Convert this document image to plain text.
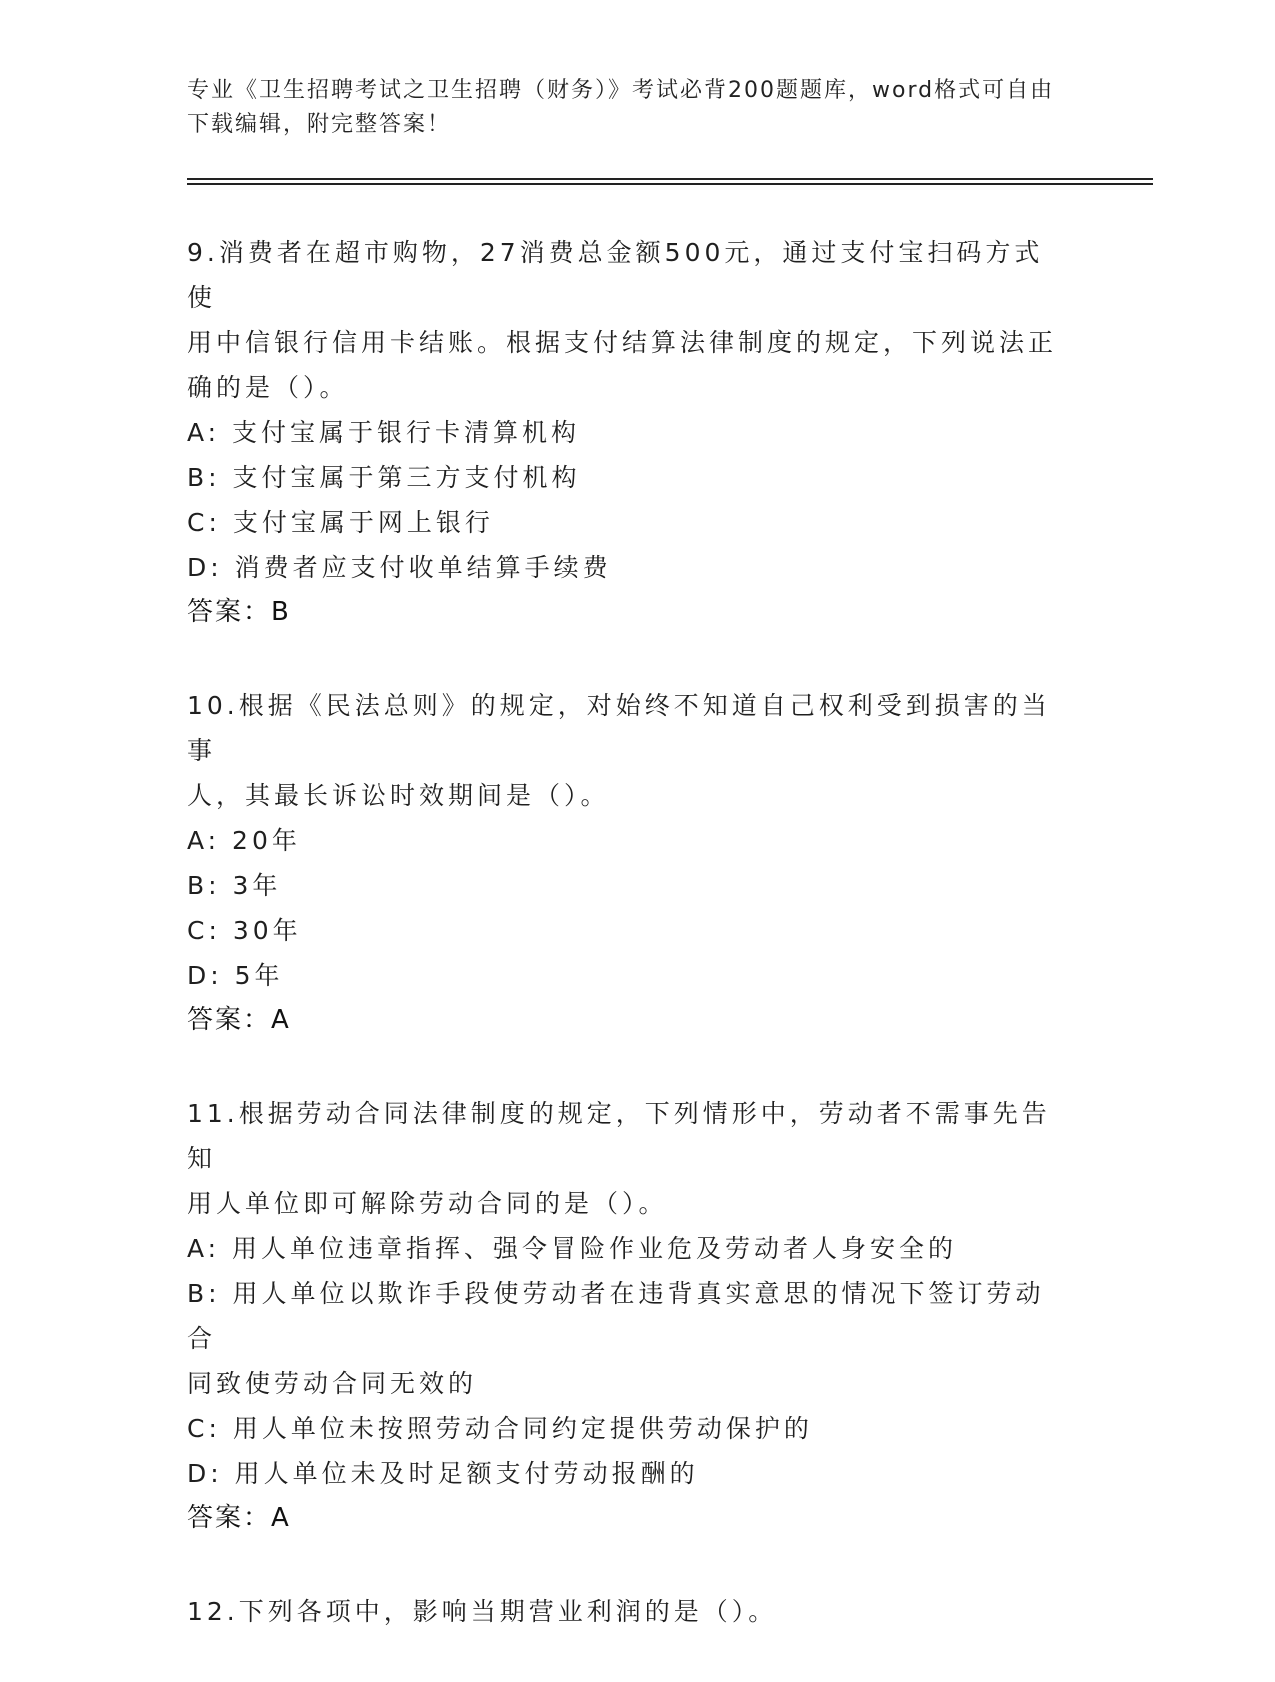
专业《卫生招聘考试之卫生招聘（财务）》考试必背200题题库，word格式可自由下载编辑，附完整答案！
9.消费者在超市购物，27消费总金额500元，通过支付宝扫码方式使
用中信银行信用卡结账。根据支付结算法律制度的规定，下列说法正
确的是（）。
A: 支付宝属于银行卡清算机构
B: 支付宝属于第三方支付机构
C: 支付宝属于网上银行
D: 消费者应支付收单结算手续费
答案：B
10.根据《民法总则》的规定，对始终不知道自己权利受到损害的当事
人，其最长诉讼时效期间是（）。
A: 20年
B: 3年
C: 30年
D: 5年
答案：A
11.根据劳动合同法律制度的规定，下列情形中，劳动者不需事先告知
用人单位即可解除劳动合同的是（）。
A: 用人单位违章指挥、强令冒险作业危及劳动者人身安全的
B: 用人单位以欺诈手段使劳动者在违背真实意思的情况下签订劳动合
同致使劳动合同无效的
C: 用人单位未按照劳动合同约定提供劳动保护的
D: 用人单位未及时足额支付劳动报酬的
答案：A
12.下列各项中，影响当期营业利润的是（）。
